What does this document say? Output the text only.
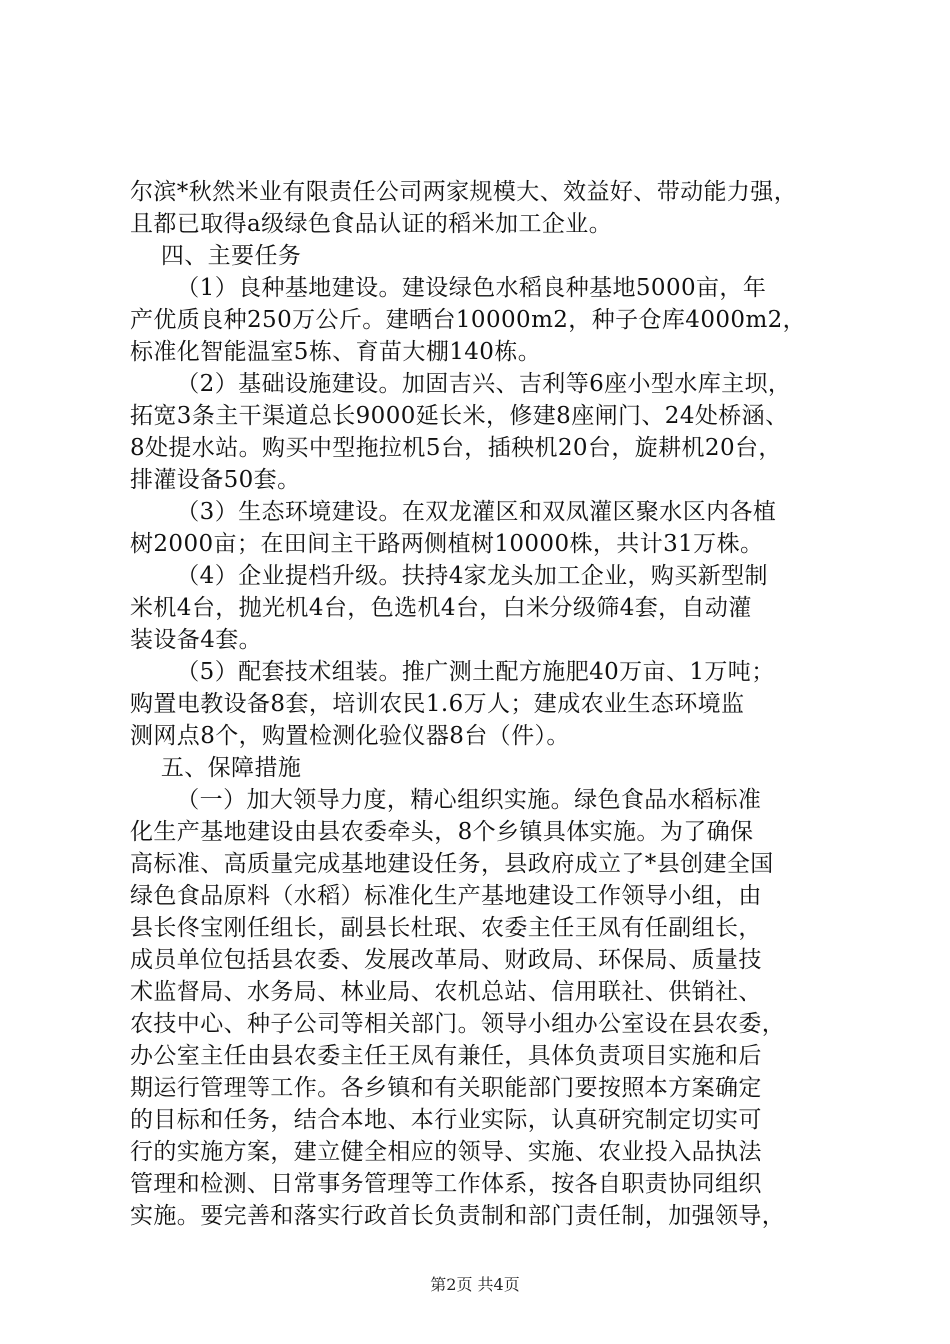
尔滨*秋然米业有限责任公司两家规模大、效益好、带动能力强，
且都已取得a级绿色食品认证的稻米加工企业。
四、主要任务
（1）良种基地建设。建设绿色水稻良种基地5000亩，年
产优质良种250万公斤。建晒台10000m2，种子仓库4000m2，
标准化智能温室5栋、育苗大棚140栋。
（2）基础设施建设。加固吉兴、吉利等6座小型水库主坝，
拓宽3条主干渠道总长9000延长米，修建8座闸门、24处桥涵、
8处提水站。购买中型拖拉机5台，插秧机20台，旋耕机20台，
排灌设备50套。
（3）生态环境建设。在双龙灌区和双凤灌区聚水区内各植
树2000亩；在田间主干路两侧植树10000株，共计31万株。
（4）企业提档升级。扶持4家龙头加工企业，购买新型制
米机4台，抛光机4台，色选机4台，白米分级筛4套，自动灌
装设备4套。
（5）配套技术组装。推广测土配方施肥40万亩、1万吨；
购置电教设备8套，培训农民1.6万人；建成农业生态环境监
测网点8个，购置检测化验仪器8台（件）。
五、保障措施
（一）加大领导力度，精心组织实施。绿色食品水稻标准
化生产基地建设由县农委牵头，8个乡镇具体实施。为了确保
高标准、高质量完成基地建设任务，县政府成立了*县创建全国
绿色食品原料（水稻）标准化生产基地建设工作领导小组，由
县长佟宝刚任组长，副县长杜珉、农委主任王凤有任副组长，
成员单位包括县农委、发展改革局、财政局、环保局、质量技
术监督局、水务局、林业局、农机总站、信用联社、供销社、
农技中心、种子公司等相关部门。领导小组办公室设在县农委，
办公室主任由县农委主任王凤有兼任，具体负责项目实施和后
期运行管理等工作。各乡镇和有关职能部门要按照本方案确定
的目标和任务，结合本地、本行业实际，认真研究制定切实可
行的实施方案，建立健全相应的领导、实施、农业投入品执法
管理和检测、日常事务管理等工作体系，按各自职责协同组织
实施。要完善和落实行政首长负责制和部门责任制，加强领导，
第2页 共4页
